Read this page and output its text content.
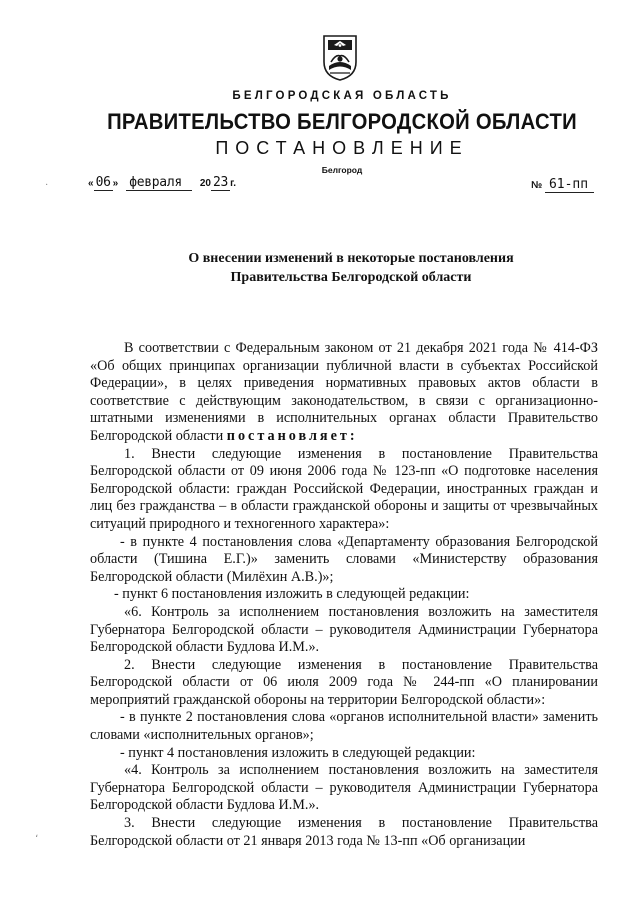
БЕЛГОРОДСКАЯ ОБЛАСТЬ
ПРАВИТЕЛЬСТВО БЕЛГОРОДСКОЙ ОБЛАСТИ
ПОСТАНОВЛЕНИЕ
Белгород
« 06 » февраля 20 23 г.	№ 61-пп
О внесении изменений в некоторые постановления
Правительства Белгородской области

В соответствии с Федеральным законом от 21 декабря 2021 года № 414-ФЗ «Об общих принципах организации публичной власти в субъектах Российской Федерации», в целях приведения нормативных правовых актов области в соответствие с действующим законодательством, в связи с организационно-штатными изменениями в исполнительных органах области Правительство Белгородской области постановляет:

1. Внести следующие изменения в постановление Правительства Белгородской области от 09 июня 2006 года № 123-пп «О подготовке населения Белгородской области: граждан Российской Федерации, иностранных граждан и лиц без гражданства – в области гражданской обороны и защиты от чрезвычайных ситуаций природного и техногенного характера»:

- в пункте 4 постановления слова «Департаменту образования Белгородской области (Тишина Е.Г.)» заменить словами «Министерству образования Белгородской области (Милёхин А.В.)»;

- пункт 6 постановления изложить в следующей редакции:

«6. Контроль за исполнением постановления возложить на заместителя Губернатора Белгородской области – руководителя Администрации Губернатора Белгородской области Будлова И.М.».

2. Внести следующие изменения в постановление Правительства Белгородской области от 06 июля 2009 года № 244-пп «О планировании мероприятий гражданской обороны на территории Белгородской области»:

- в пункте 2 постановления слова «органов исполнительной власти» заменить словами «исполнительных органов»;

- пункт 4 постановления изложить в следующей редакции:

«4. Контроль за исполнением постановления возложить на заместителя Губернатора Белгородской области – руководителя Администрации Губернатора Белгородской области Будлова И.М.».

3. Внести следующие изменения в постановление Правительства Белгородской области от 21 января 2013 года № 13-пп «Об организации

·
،
